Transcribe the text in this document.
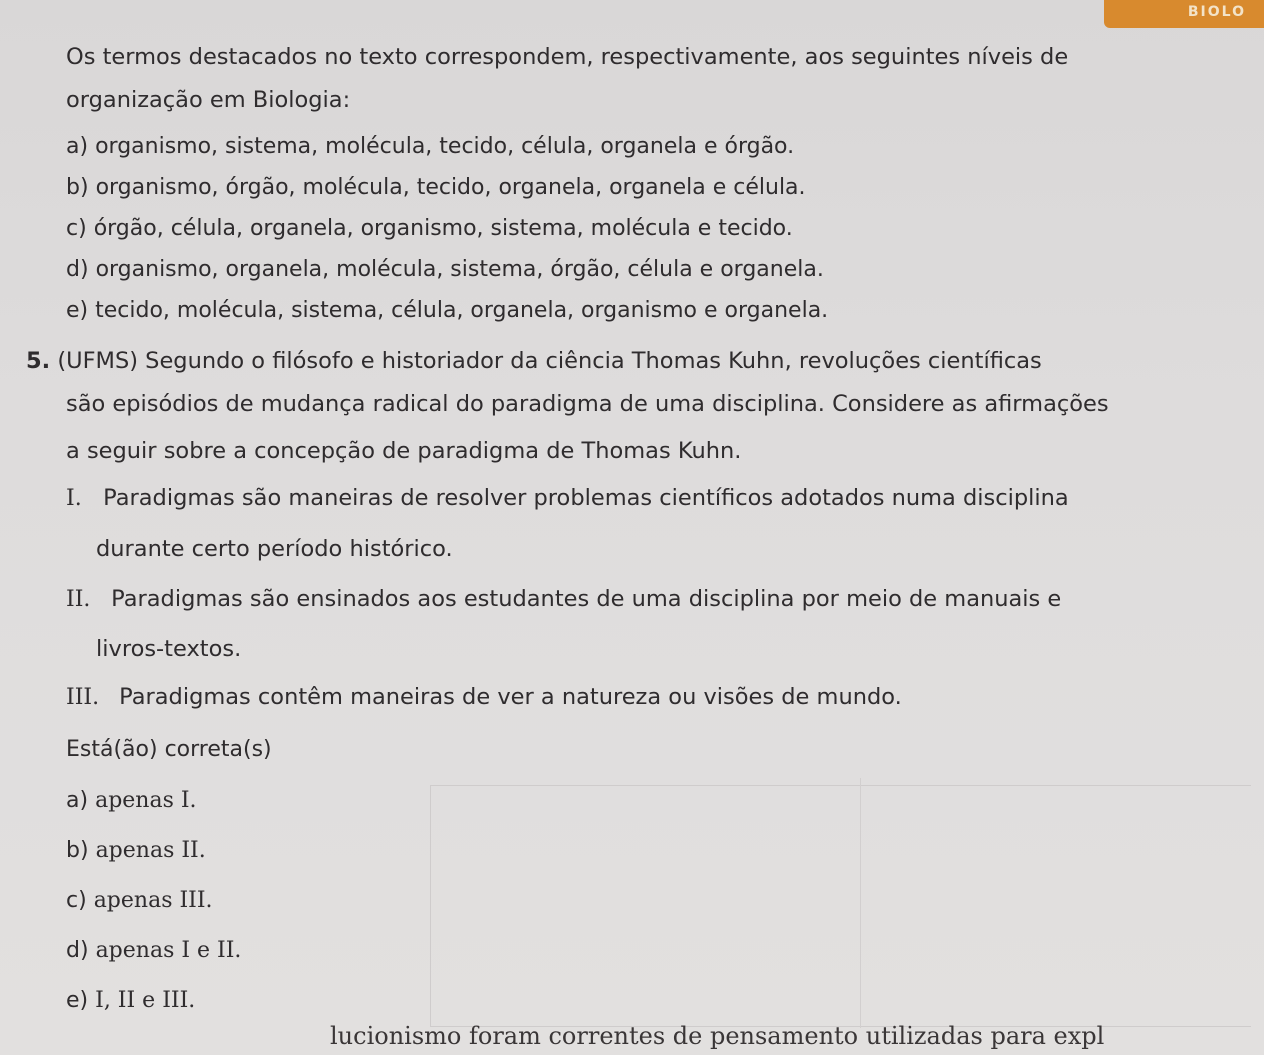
BIOLO
Os termos destacados no texto correspondem, respectivamente, aos seguintes níveis de
organização em Biologia:
a) organismo, sistema, molécula, tecido, célula, organela e órgão.
b) organismo, órgão, molécula, tecido, organela, organela e célula.
c) órgão, célula, organela, organismo, sistema, molécula e tecido.
d) organismo, organela, molécula, sistema, órgão, célula e organela.
e) tecido, molécula, sistema, célula, organela, organismo e organela.
5. (UFMS) Segundo o filósofo e historiador da ciência Thomas Kuhn, revoluções científicas
são episódios de mudança radical do paradigma de uma disciplina. Considere as afirmações
a seguir sobre a concepção de paradigma de Thomas Kuhn.
I. Paradigmas são maneiras de resolver problemas científicos adotados numa disciplina
durante certo período histórico.
II. Paradigmas são ensinados aos estudantes de uma disciplina por meio de manuais e
livros-textos.
III. Paradigmas contêm maneiras de ver a natureza ou visões de mundo.
Está(ão) correta(s)
a) apenas I.
b) apenas II.
c) apenas III.
d) apenas I e II.
e) I, II e III.
lucionismo foram correntes de pensamento utilizadas para expl
